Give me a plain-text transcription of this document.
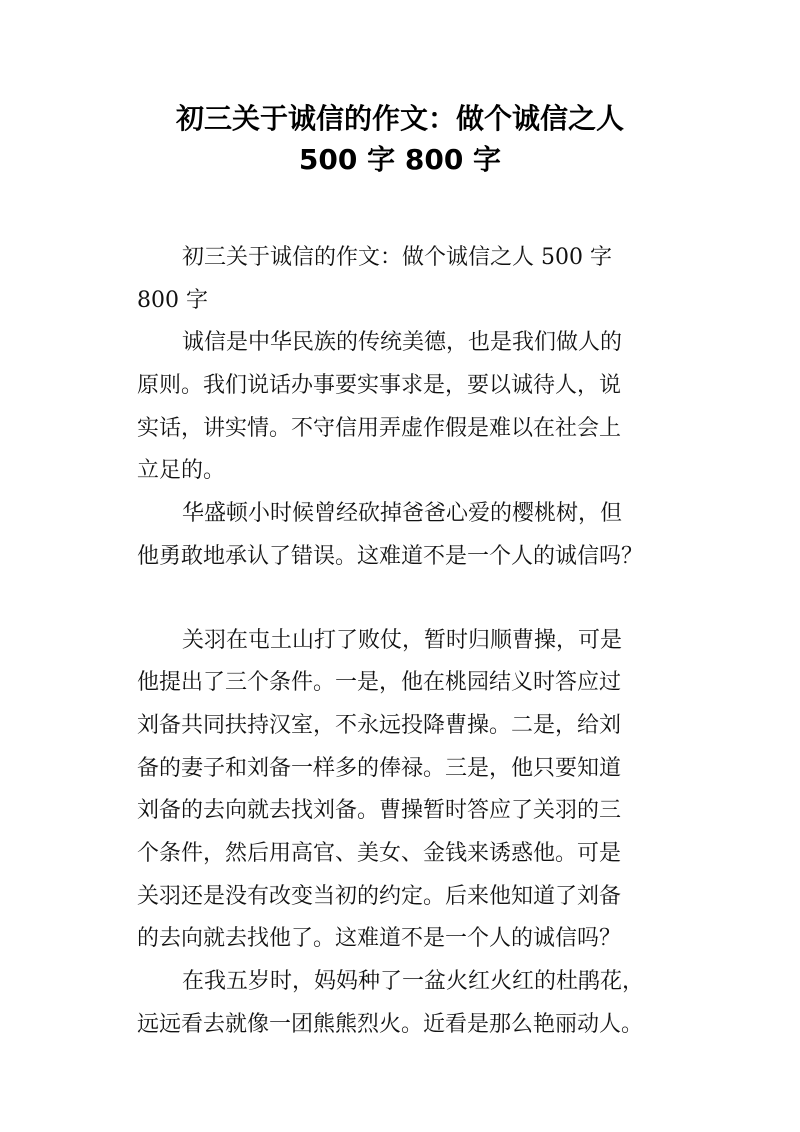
初三关于诚信的作文：做个诚信之人
500 字 800 字
初三关于诚信的作文：做个诚信之人 500 字
800 字
诚信是中华民族的传统美德，也是我们做人的
原则。我们说话办事要实事求是，要以诚待人，说
实话，讲实情。不守信用弄虚作假是难以在社会上
立足的。
华盛顿小时候曾经砍掉爸爸心爱的樱桃树，但
他勇敢地承认了错误。这难道不是一个人的诚信吗？
关羽在屯土山打了败仗，暂时归顺曹操，可是
他提出了三个条件。一是，他在桃园结义时答应过
刘备共同扶持汉室，不永远投降曹操。二是，给刘
备的妻子和刘备一样多的俸禄。三是，他只要知道
刘备的去向就去找刘备。曹操暂时答应了关羽的三
个条件，然后用高官、美女、金钱来诱惑他。可是
关羽还是没有改变当初的约定。后来他知道了刘备
的去向就去找他了。这难道不是一个人的诚信吗？
在我五岁时，妈妈种了一盆火红火红的杜鹃花，
远远看去就像一团熊熊烈火。近看是那么艳丽动人。
